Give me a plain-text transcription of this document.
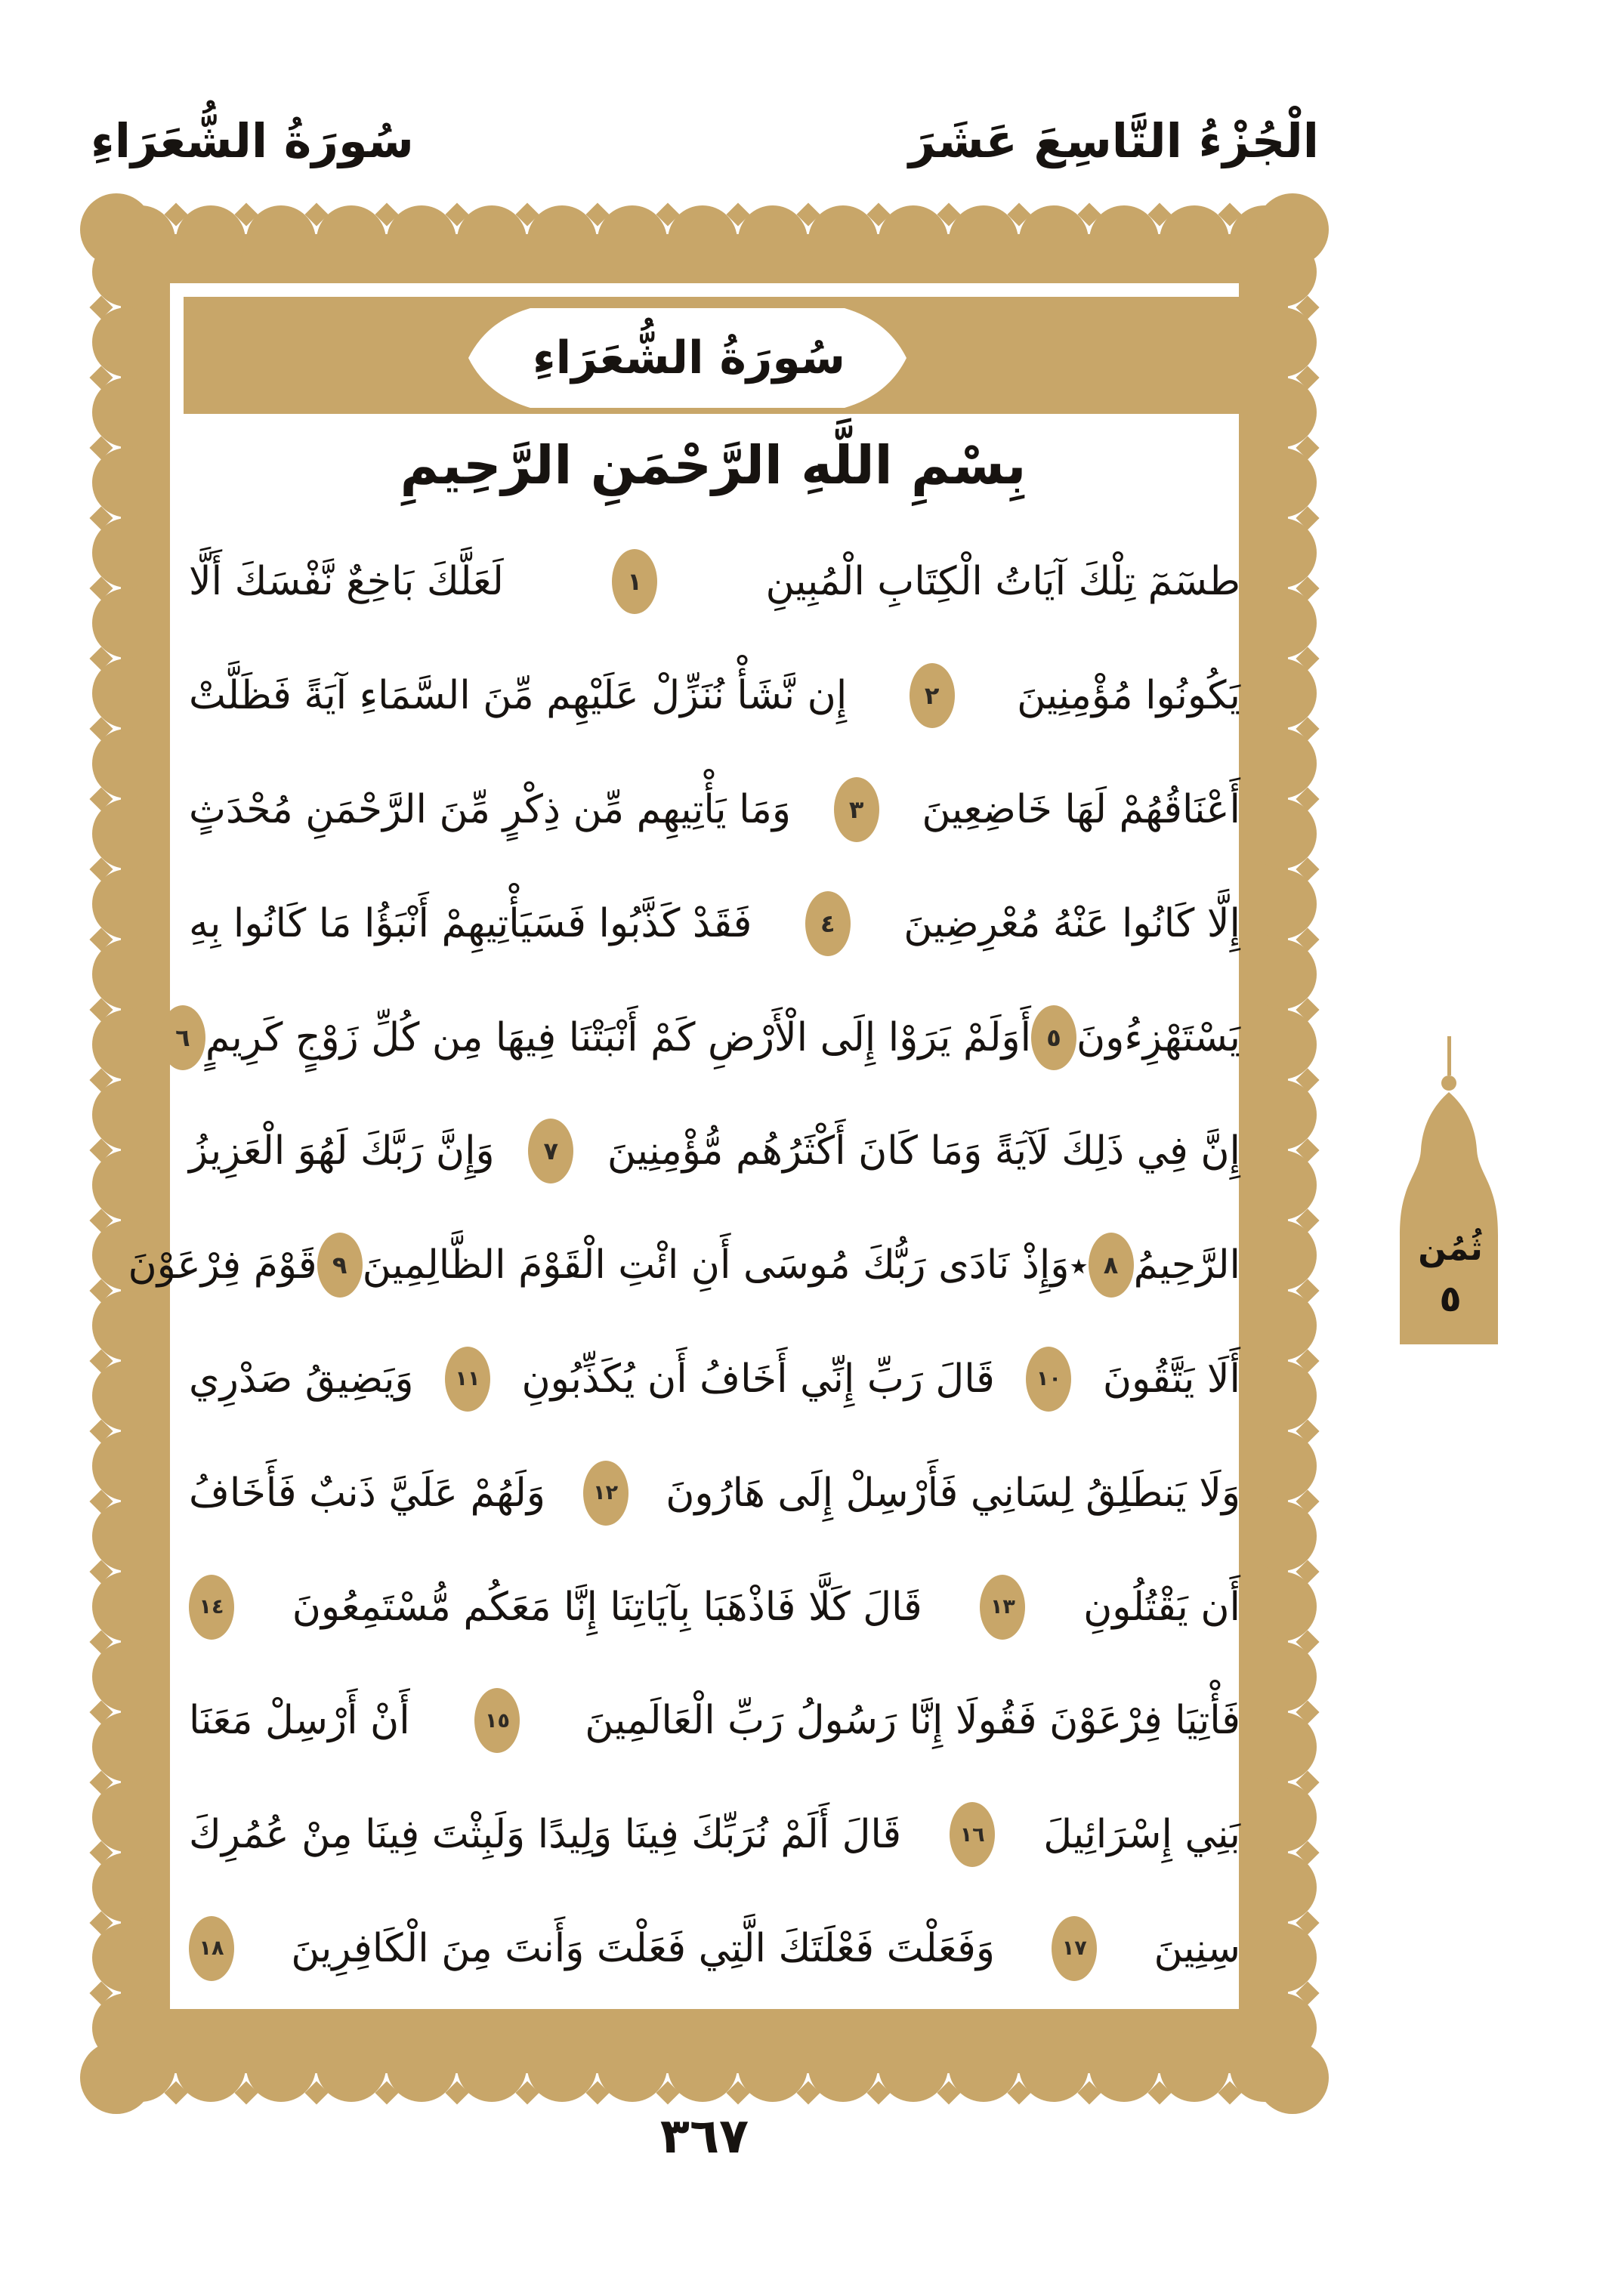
سُورَةُ الشُّعَرَاءِ	الْجُزْءُ التَّاسِعَ عَشَرَ
سُورَةُ الشُّعَرَاءِ
بِسْمِ اللَّهِ الرَّحْمَنِ الرَّحِيمِ
طسٓمٓ تِلْكَ آيَاتُ الْكِتَابِ الْمُبِينِ
١
لَعَلَّكَ بَاخِعٌ نَّفْسَكَ أَلَّا
يَكُونُوا مُؤْمِنِينَ
٢
إِن نَّشَأْ نُنَزِّلْ عَلَيْهِم مِّنَ السَّمَاءِ آيَةً فَظَلَّتْ
أَعْنَاقُهُمْ لَهَا خَاضِعِينَ
٣
وَمَا يَأْتِيهِم مِّن ذِكْرٍ مِّنَ الرَّحْمَنِ مُحْدَثٍ
إِلَّا كَانُوا عَنْهُ مُعْرِضِينَ
٤
فَقَدْ كَذَّبُوا فَسَيَأْتِيهِمْ أَنْبَؤُا مَا كَانُوا بِهِ
يَسْتَهْزِءُونَ
٥
أَوَلَمْ يَرَوْا إِلَى الْأَرْضِ كَمْ أَنْبَتْنَا فِيهَا مِن كُلِّ زَوْجٍ كَرِيمٍ
٦
إِنَّ فِي ذَلِكَ لَآيَةً وَمَا كَانَ أَكْثَرُهُم مُّؤْمِنِينَ
٧
وَإِنَّ رَبَّكَ لَهُوَ الْعَزِيزُ
الرَّحِيمُ
٨
٭
وَإِذْ نَادَى رَبُّكَ مُوسَى أَنِ ائْتِ الْقَوْمَ الظَّالِمِينَ
٩
قَوْمَ فِرْعَوْنَ
أَلَا يَتَّقُونَ
١٠
قَالَ رَبِّ إِنِّي أَخَافُ أَن يُكَذِّبُونِ
١١
وَيَضِيقُ صَدْرِي
وَلَا يَنطَلِقُ لِسَانِي فَأَرْسِلْ إِلَى هَارُونَ
١٢
وَلَهُمْ عَلَيَّ ذَنبٌ فَأَخَافُ
أَن يَقْتُلُونِ
١٣
قَالَ كَلَّا فَاذْهَبَا بِآيَاتِنَا إِنَّا مَعَكُم مُّسْتَمِعُونَ
١٤
فَأْتِيَا فِرْعَوْنَ فَقُولَا إِنَّا رَسُولُ رَبِّ الْعَالَمِينَ
١٥
أَنْ أَرْسِلْ مَعَنَا
بَنِي إِسْرَائِيلَ
١٦
قَالَ أَلَمْ نُرَبِّكَ فِينَا وَلِيدًا وَلَبِثْتَ فِينَا مِنْ عُمُرِكَ
سِنِينَ
١٧
وَفَعَلْتَ فَعْلَتَكَ الَّتِي فَعَلْتَ وَأَنتَ مِنَ الْكَافِرِينَ
١٨
ثُمُن
٥
٣٦٧
